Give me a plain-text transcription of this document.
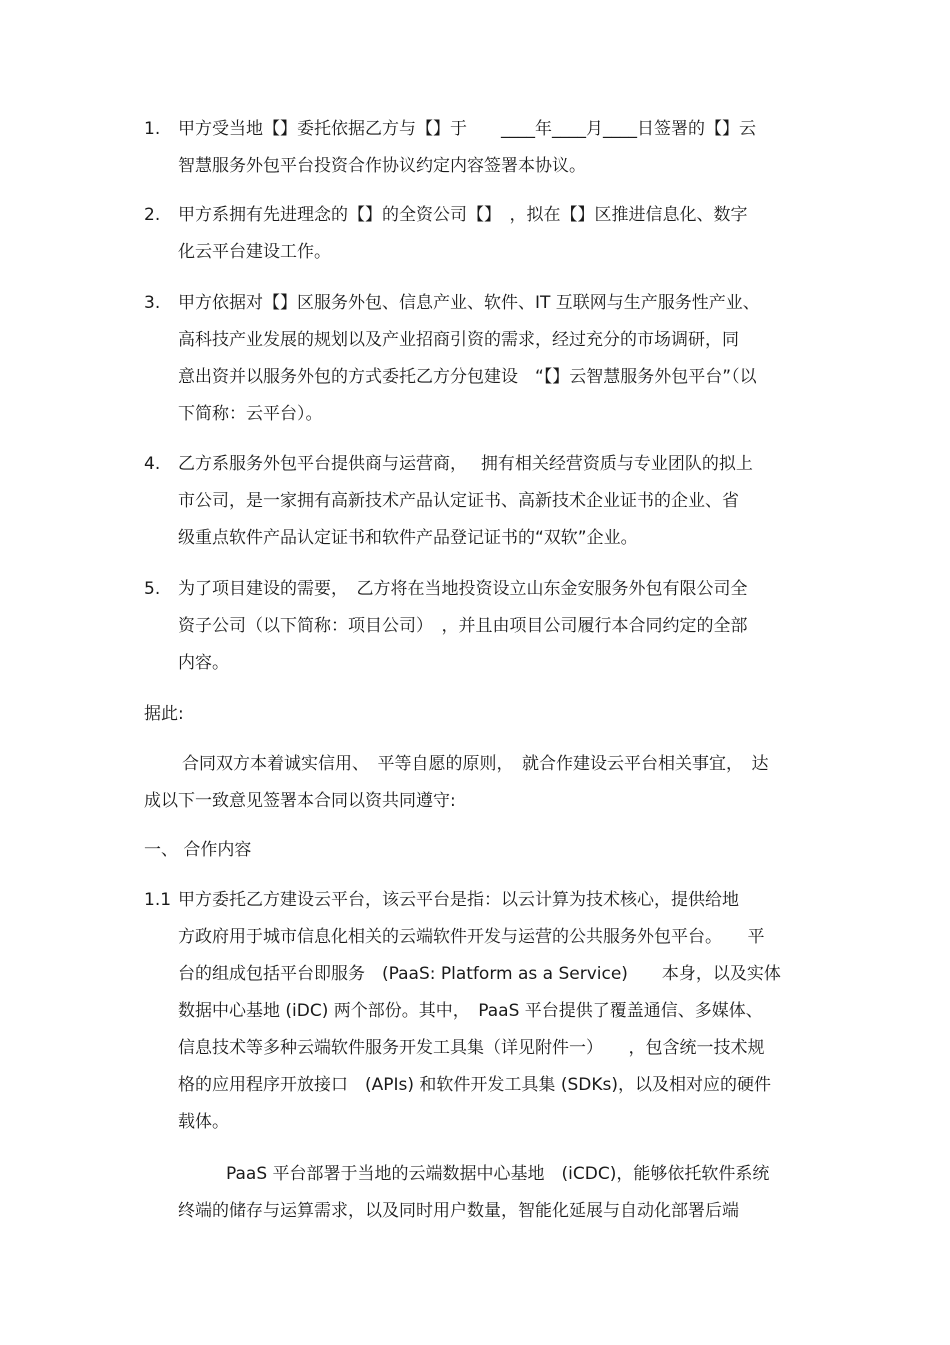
1.	甲方受当地【】委托依据乙方与【】于　　____年____月____日签署的【】云
智慧服务外包平台投资合作协议约定内容签署本协议。
2.	甲方系拥有先进理念的【】的全资公司【】　，拟在【】区推进信息化、数字
化云平台建设工作。
3.	甲方依据对【】区服务外包、信息产业、软件、IT 互联网与生产服务性产业、
高科技产业发展的规划以及产业招商引资的需求，经过充分的市场调研，同
意出资并以服务外包的方式委托乙方分包建设　“【】云智慧服务外包平台”（以
下简称：云平台）。
4.	乙方系服务外包平台提供商与运营商，　 拥有相关经营资质与专业团队的拟上
市公司，是一家拥有高新技术产品认定证书、高新技术企业证书的企业、省
级重点软件产品认定证书和软件产品登记证书的“双软”企业。
5.	为了项目建设的需要，　乙方将在当地投资设立山东金安服务外包有限公司全
资子公司（以下简称：项目公司）　，并且由项目公司履行本合同约定的全部
内容。
据此:
合同双方本着诚实信用、　平等自愿的原则，　就合作建设云平台相关事宜，　达
成以下一致意见签署本合同以资共同遵守:
一、 合作内容
1.1 甲方委托乙方建设云平台，该云平台是指：以云计算为技术核心，提供给地
方政府用于城市信息化相关的云端软件开发与运营的公共服务外包平台。　　平
台的组成包括平台即服务　(PaaS: Platform as a Service)　　本身，以及实体
数据中心基地 (iDC) 两个部份。其中，　PaaS 平台提供了覆盖通信、多媒体、
信息技术等多种云端软件服务开发工具集（详见附件一）　　，包含统一技术规
格的应用程序开放接口　(APIs) 和软件开发工具集 (SDKs)，以及相对应的硬件
载体。
PaaS 平台部署于当地的云端数据中心基地　(iCDC)，能够依托软件系统
终端的储存与运算需求，以及同时用户数量，智能化延展与自动化部署后端
